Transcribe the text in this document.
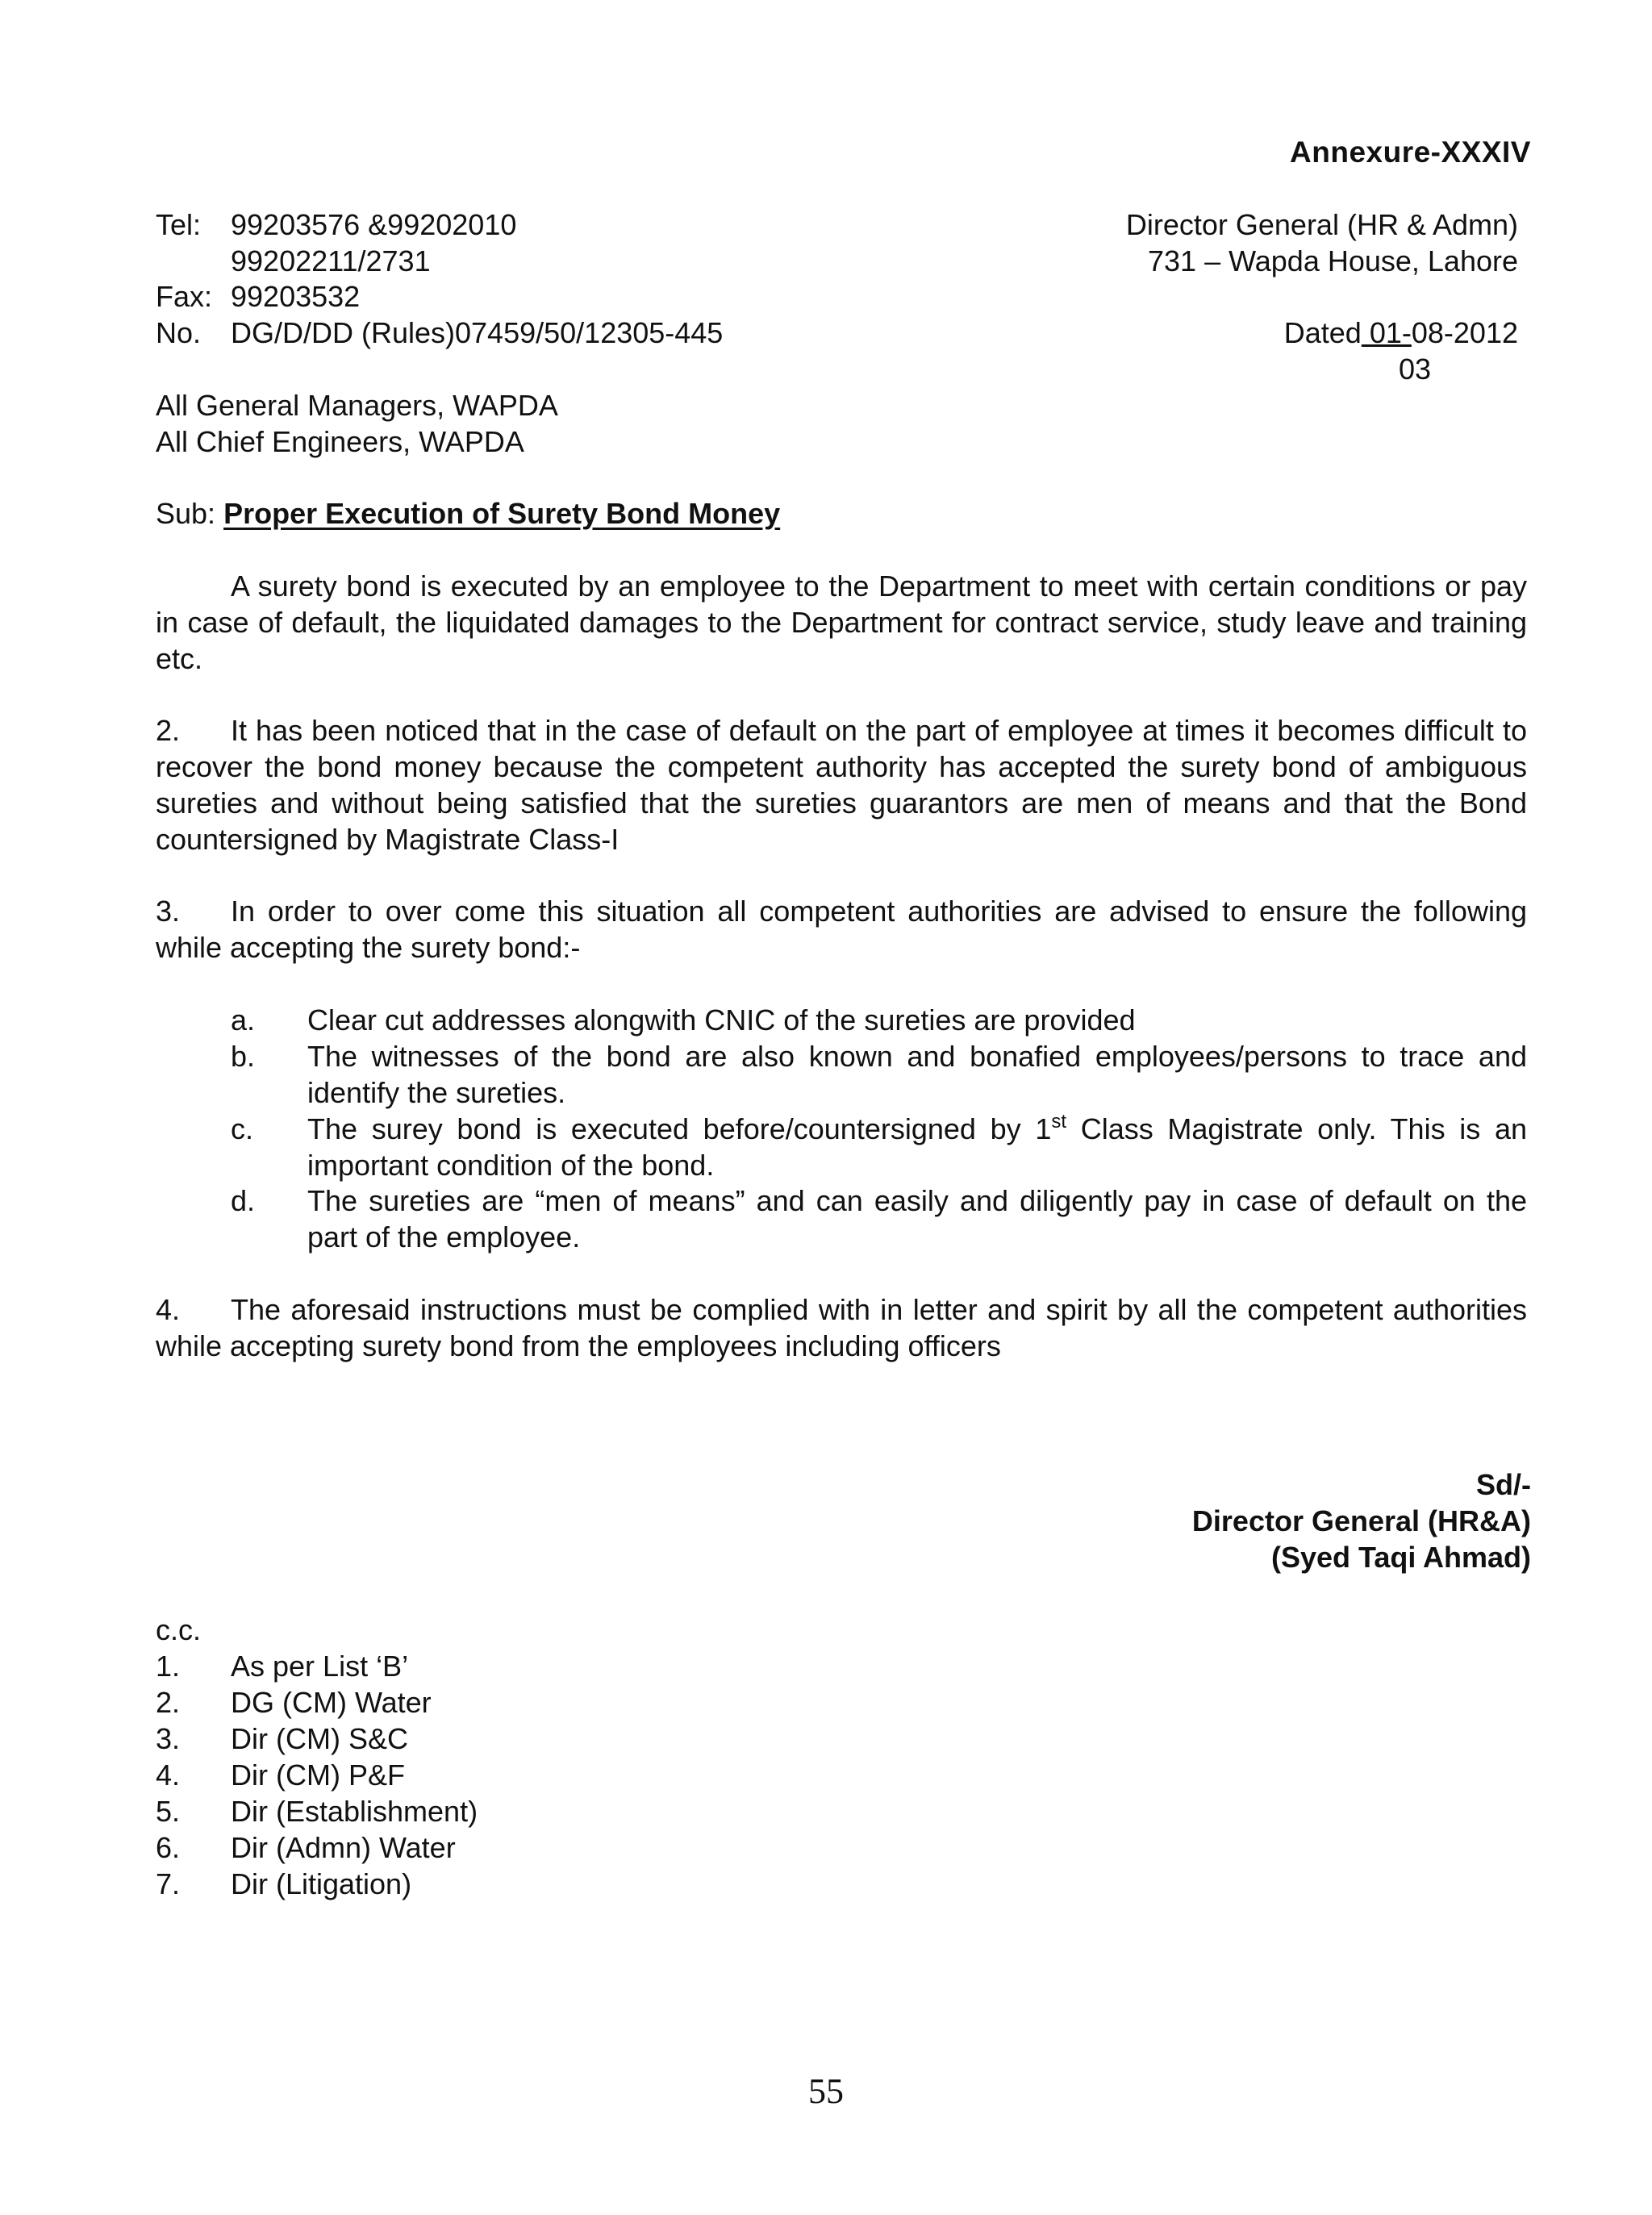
Annexure-XXXIV
Tel: 99203576 &99202010
99202211/2731
Fax: 99203532
No. DG/D/DD (Rules)07459/50/12305-445
Director General (HR & Admn)
731 – Wapda House, Lahore
Dated 01-08-2012
03
All General Managers, WAPDA
All Chief Engineers, WAPDA
Sub: Proper Execution of Surety Bond Money
A surety bond is executed by an employee to the Department to meet with certain conditions or pay in case of default, the liquidated damages to the Department for contract service, study leave and training etc.
2. It has been noticed that in the case of default on the part of employee at times it becomes difficult to recover the bond money because the competent authority has accepted the surety bond of ambiguous sureties and without being satisfied that the sureties guarantors are men of means and that the Bond countersigned by Magistrate Class-I
3. In order to over come this situation all competent authorities are advised to ensure the following while accepting the surety bond:-
a. Clear cut addresses alongwith CNIC of the sureties are provided
b. The witnesses of the bond are also known and bonafied employees/persons to trace and identify the sureties.
c. The surey bond is executed before/countersigned by 1st Class Magistrate only. This is an important condition of the bond.
d. The sureties are “men of means” and can easily and diligently pay in case of default on the part of the employee.
4. The aforesaid instructions must be complied with in letter and spirit by all the competent authorities while accepting surety bond from the employees including officers
Sd/-
Director General (HR&A)
(Syed Taqi Ahmad)
c.c.
1. As per List ‘B’
2. DG (CM) Water
3. Dir (CM) S&C
4. Dir (CM) P&F
5. Dir (Establishment)
6. Dir (Admn) Water
7. Dir (Litigation)
55
